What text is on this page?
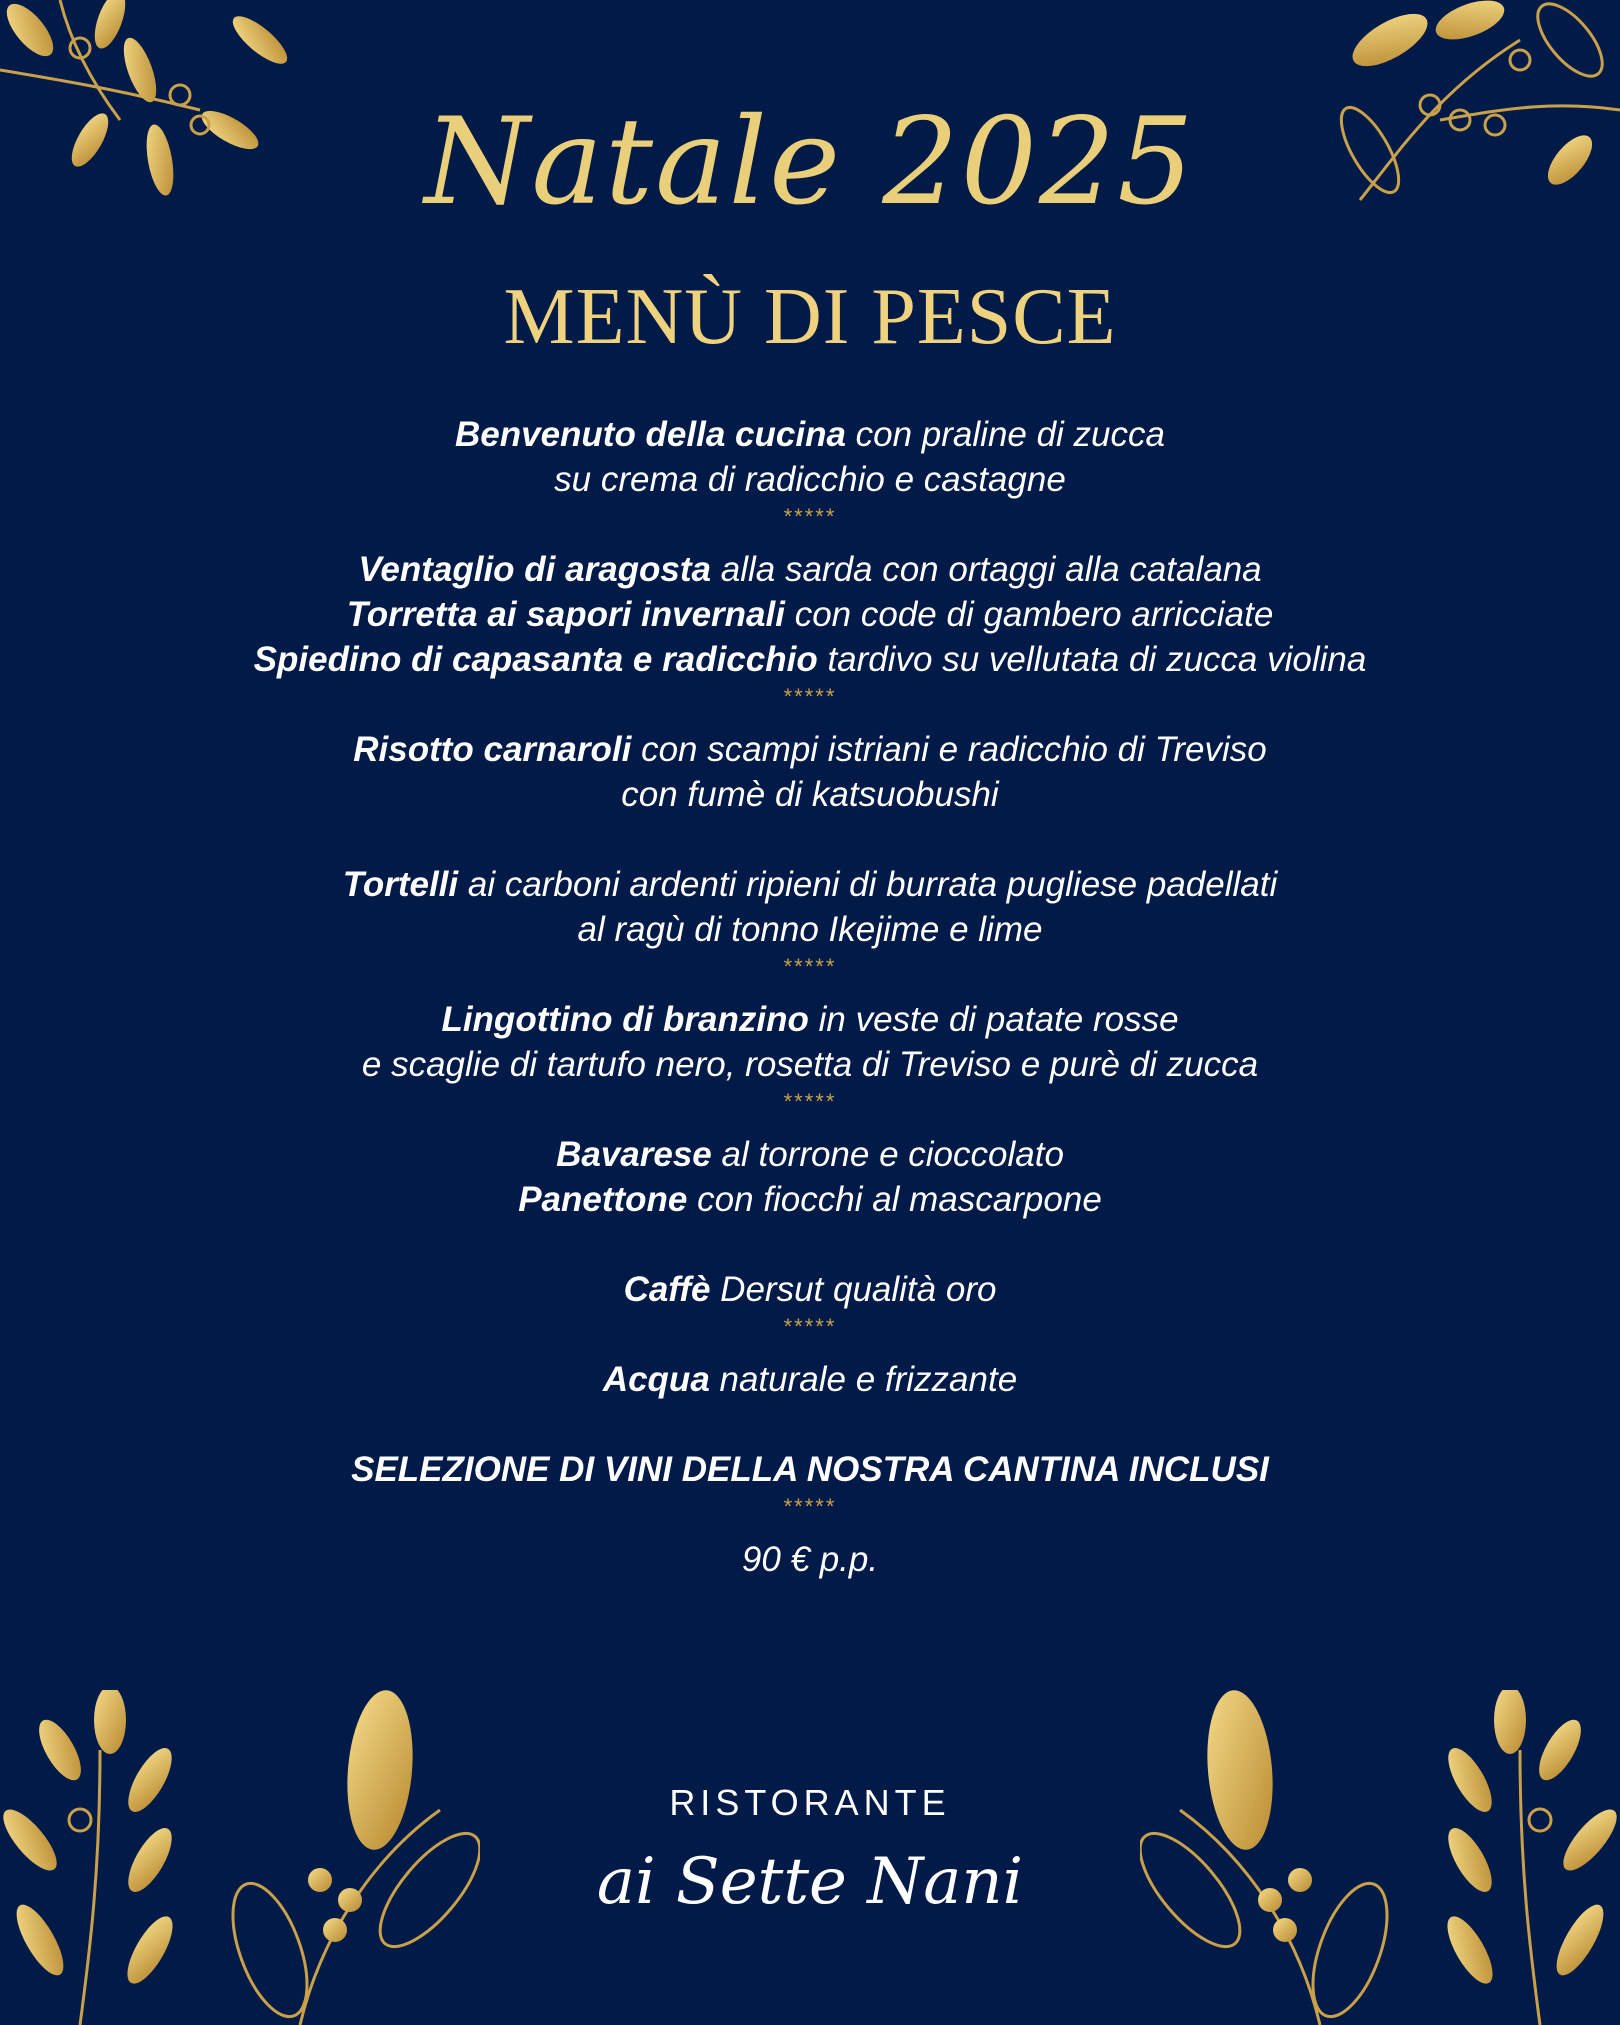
Natale 2025
MENÙ DI PESCE
Benvenuto della cucina con praline di zucca
su crema di radicchio e castagne
*****
Ventaglio di aragosta alla sarda con ortaggi alla catalana
Torretta ai sapori invernali con code di gambero arricciate
Spiedino di capasanta e radicchio tardivo su vellutata di zucca violina
*****
Risotto carnaroli con scampi istriani e radicchio di Treviso
con fumè di katsuobushi
Tortelli ai carboni ardenti ripieni di burrata pugliese padellati
al ragù di tonno Ikejime e lime
*****
Lingottino di branzino in veste di patate rosse
e scaglie di tartufo nero, rosetta di Treviso e purè di zucca
*****
Bavarese al torrone e cioccolato
Panettone con fiocchi al mascarpone
Caffè Dersut qualità oro
*****
Acqua naturale e frizzante
SELEZIONE DI VINI DELLA NOSTRA CANTINA INCLUSI
*****
90 € p.p.
RISTORANTE
ai Sette Nani
